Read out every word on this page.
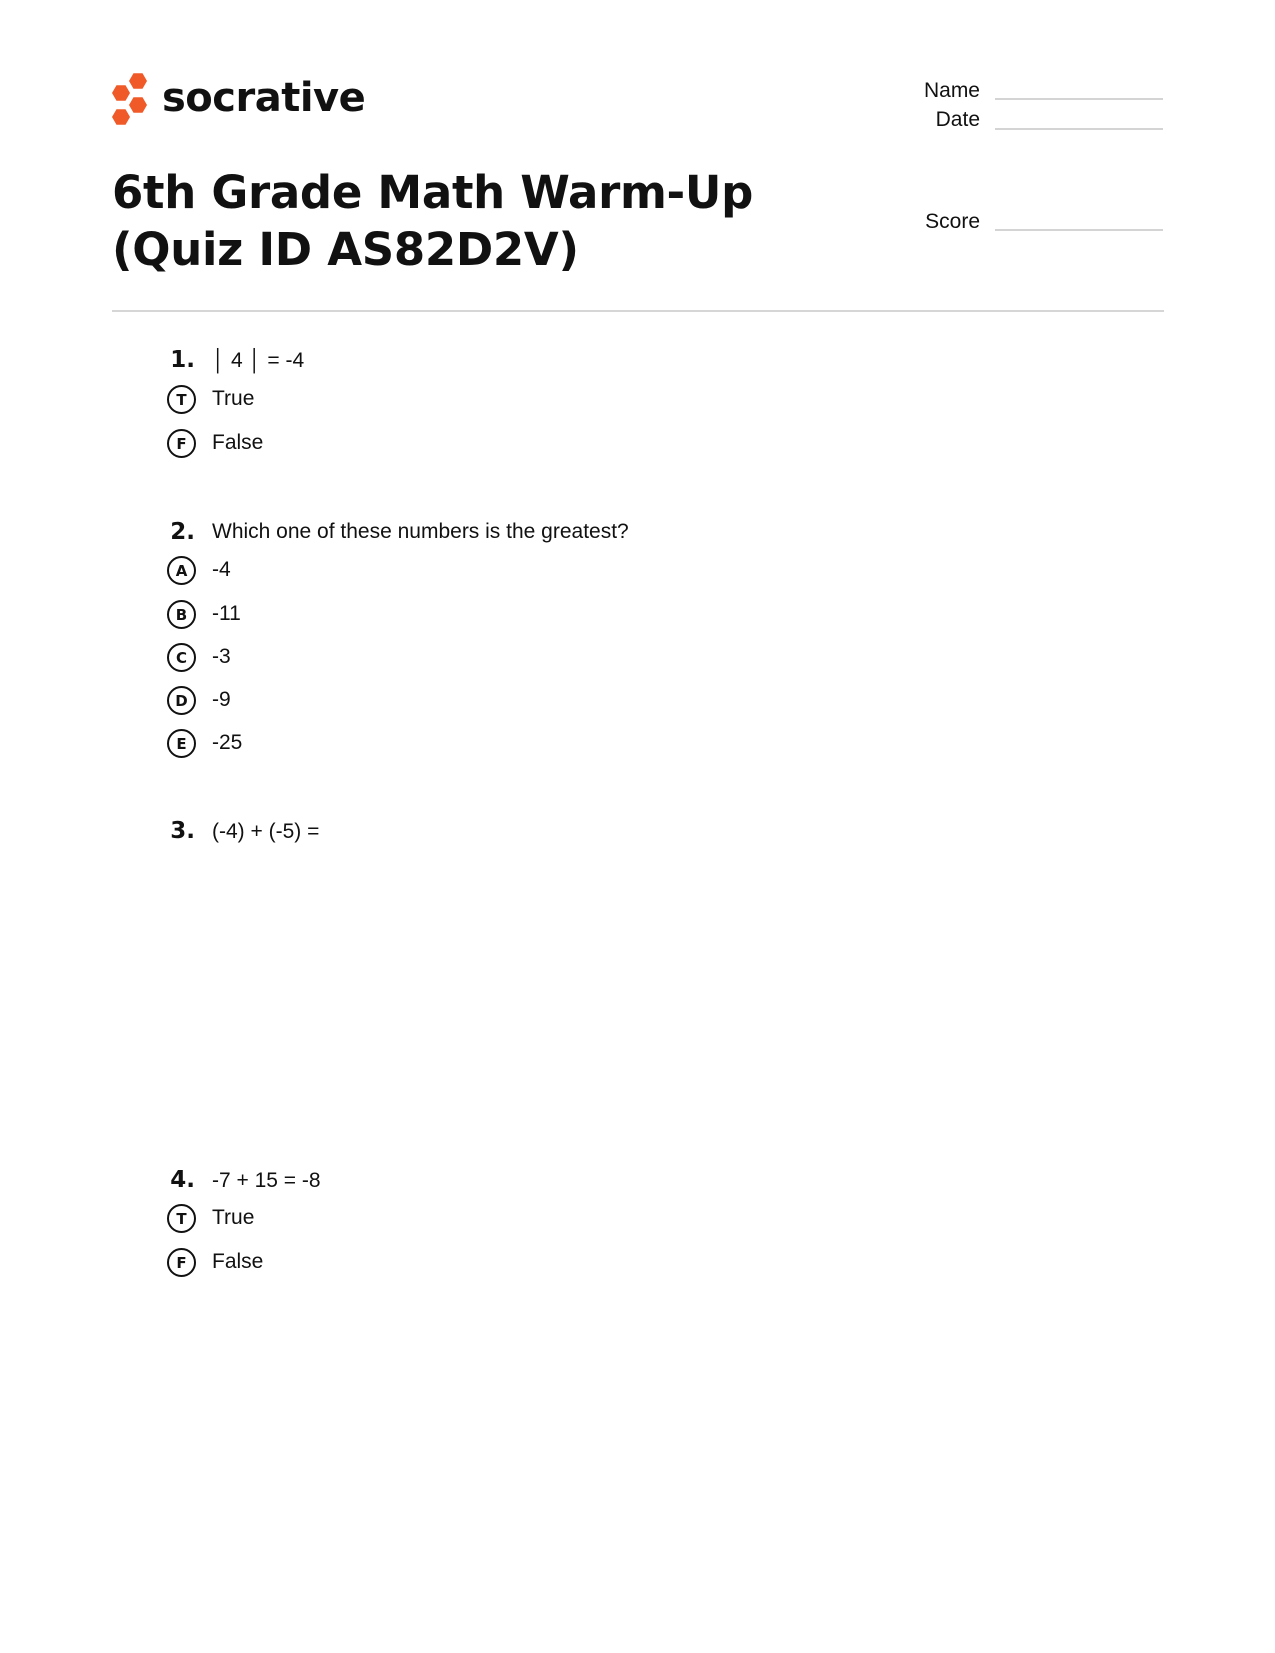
socrative	Name
Date
Score
6th Grade Math Warm-Up (Quiz ID AS82D2V)
1. │ 4 │ = -4
T	True
F	False
2. Which one of these numbers is the greatest?
A	-4
B	-11
C	-3
D	-9
E	-25
3. (-4) + (-5) =
4. -7 + 15 = -8
T	True
F	False
